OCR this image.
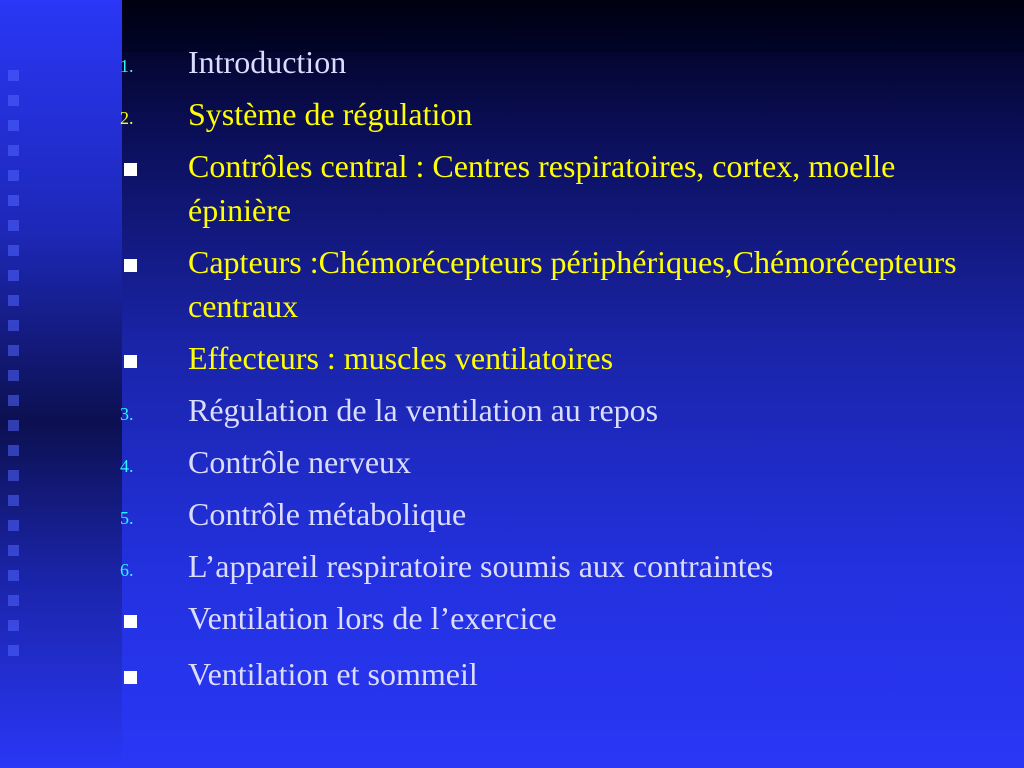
1.	Introduction
2.	Système de régulation
Contrôles central : Centres respiratoires, cortex, moelle épinière
Capteurs :Chémorécepteurs périphériques,Chémorécepteurs centraux
Effecteurs : muscles ventilatoires
3.	Régulation de la ventilation au repos
4.	Contrôle nerveux
5.	Contrôle métabolique
6.	L’appareil respiratoire soumis aux contraintes
Ventilation lors de l’exercice
Ventilation et sommeil
